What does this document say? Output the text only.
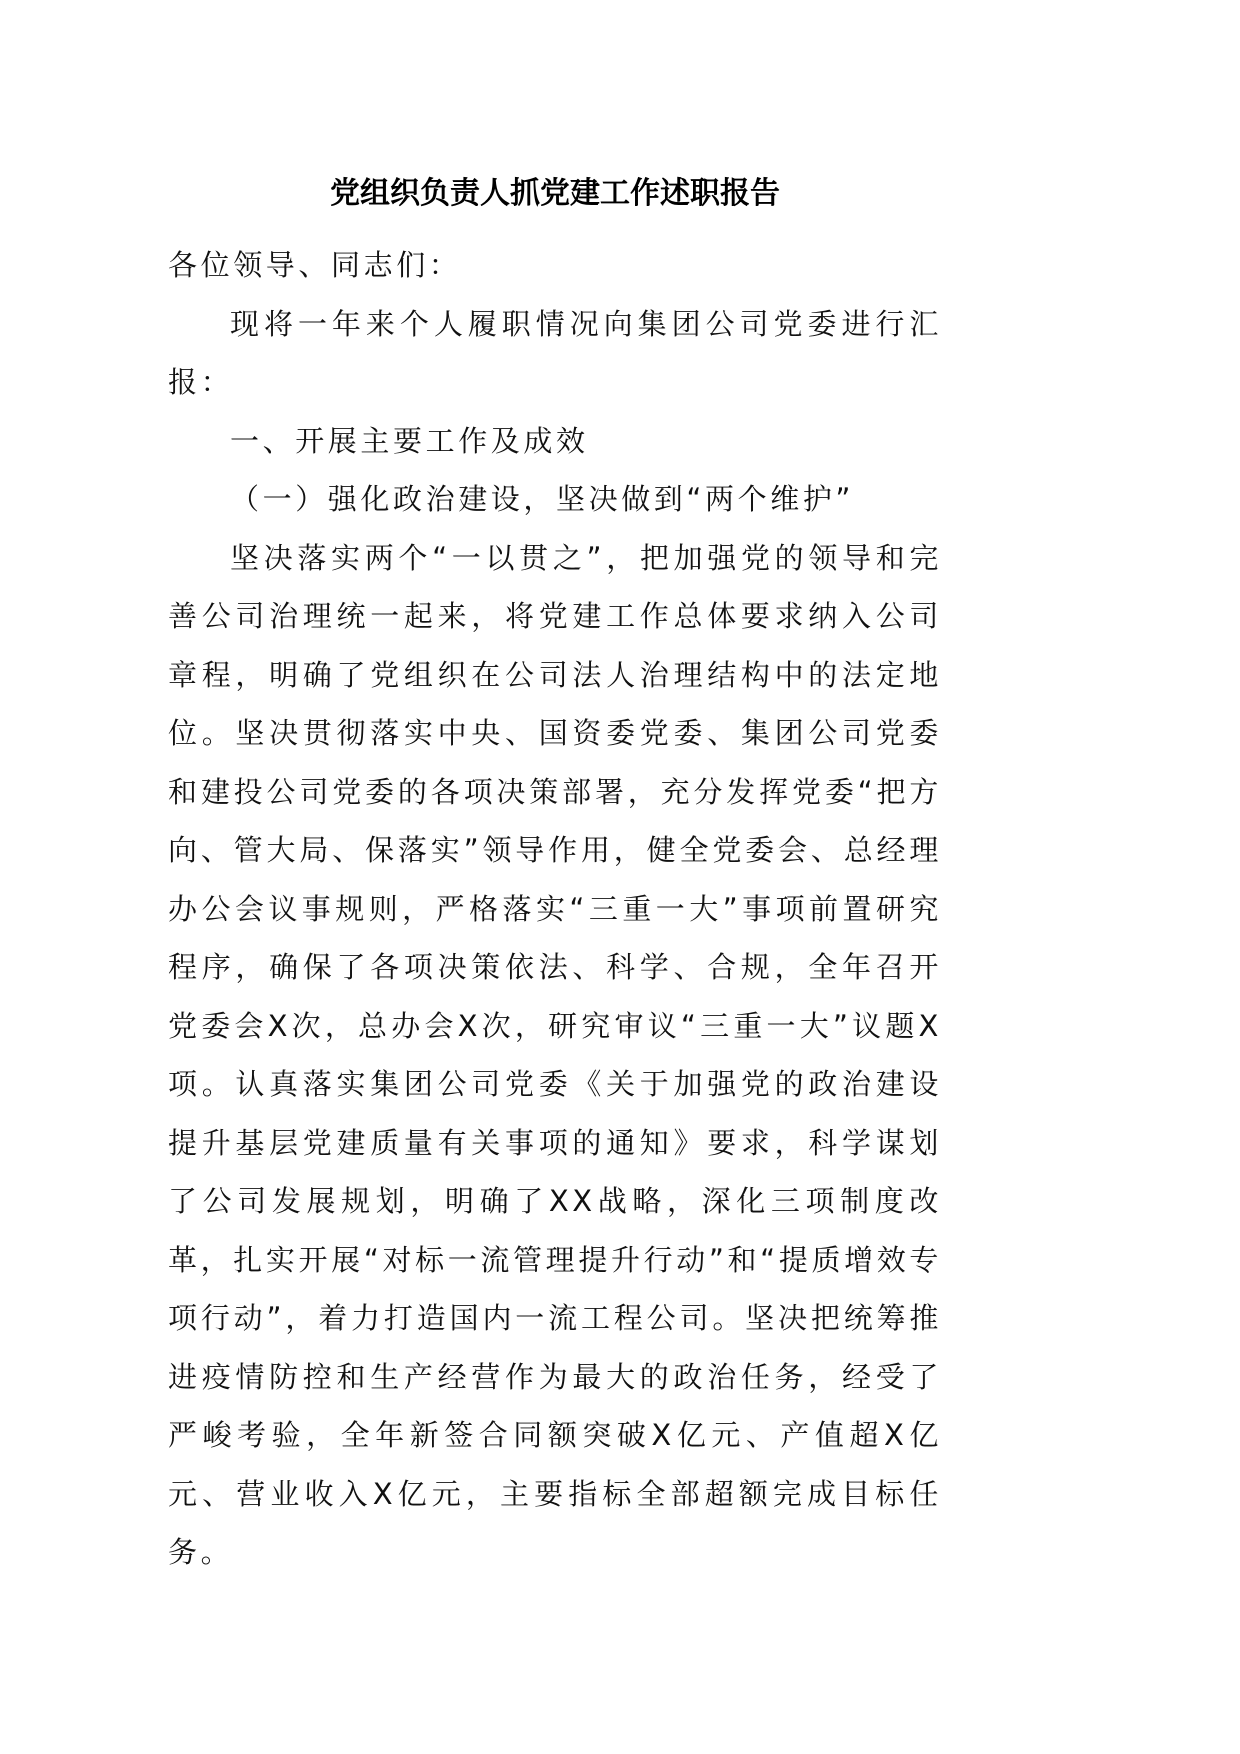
党组织负责人抓党建工作述职报告

各位领导、同志们：

现将一年来个人履职情况向集团公司党委进行汇报：

一、开展主要工作及成效

（一）强化政治建设，坚决做到“两个维护”

坚决落实两个“一以贯之”，把加强党的领导和完善公司治理统一起来，将党建工作总体要求纳入公司章程，明确了党组织在公司法人治理结构中的法定地位。坚决贯彻落实中央、国资委党委、集团公司党委和建投公司党委的各项决策部署，充分发挥党委“把方向、管大局、保落实”领导作用，健全党委会、总经理办公会议事规则，严格落实“三重一大”事项前置研究程序，确保了各项决策依法、科学、合规，全年召开党委会X次，总办会X次，研究审议“三重一大”议题X项。认真落实集团公司党委《关于加强党的政治建设提升基层党建质量有关事项的通知》要求，科学谋划了公司发展规划，明确了XX战略，深化三项制度改革，扎实开展“对标一流管理提升行动”和“提质增效专项行动”，着力打造国内一流工程公司。坚决把统筹推进疫情防控和生产经营作为最大的政治任务，经受了严峻考验，全年新签合同额突破X亿元、产值超X亿元、营业收入X亿元，主要指标全部超额完成目标任务。
